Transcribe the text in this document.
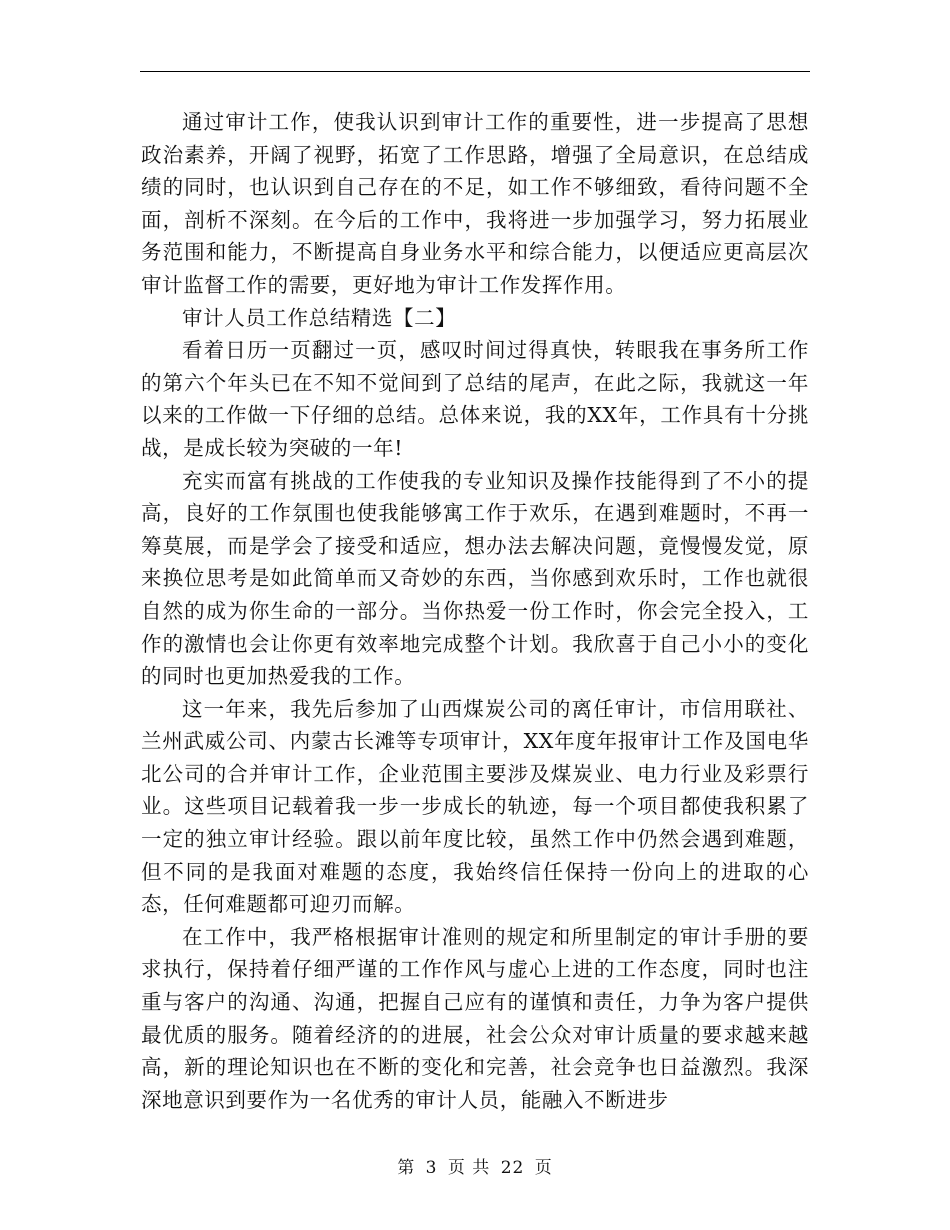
通过审计工作，使我认识到审计工作的重要性，进一步提高了思想政治素养，开阔了视野，拓宽了工作思路，增强了全局意识，在总结成绩的同时，也认识到自己存在的不足，如工作不够细致，看待问题不全面，剖析不深刻。在今后的工作中，我将进一步加强学习，努力拓展业务范围和能力，不断提高自身业务水平和综合能力，以便适应更高层次审计监督工作的需要，更好地为审计工作发挥作用。

审计人员工作总结精选【二】

看着日历一页翻过一页，感叹时间过得真快，转眼我在事务所工作的第六个年头已在不知不觉间到了总结的尾声，在此之际，我就这一年以来的工作做一下仔细的总结。总体来说，我的XX年，工作具有十分挑战，是成长较为突破的一年!

充实而富有挑战的工作使我的专业知识及操作技能得到了不小的提高，良好的工作氛围也使我能够寓工作于欢乐，在遇到难题时，不再一筹莫展，而是学会了接受和适应，想办法去解决问题，竟慢慢发觉，原来换位思考是如此简单而又奇妙的东西，当你感到欢乐时，工作也就很自然的成为你生命的一部分。当你热爱一份工作时，你会完全投入，工作的激情也会让你更有效率地完成整个计划。我欣喜于自己小小的变化的同时也更加热爱我的工作。

这一年来，我先后参加了山西煤炭公司的离任审计，市信用联社、兰州武威公司、内蒙古长滩等专项审计，XX年度年报审计工作及国电华北公司的合并审计工作，企业范围主要涉及煤炭业、电力行业及彩票行业。这些项目记载着我一步一步成长的轨迹，每一个项目都使我积累了一定的独立审计经验。跟以前年度比较，虽然工作中仍然会遇到难题，但不同的是我面对难题的态度，我始终信任保持一份向上的进取的心态，任何难题都可迎刃而解。

在工作中，我严格根据审计准则的规定和所里制定的审计手册的要求执行，保持着仔细严谨的工作作风与虚心上进的工作态度，同时也注重与客户的沟通、沟通，把握自己应有的谨慎和责任，力争为客户提供最优质的服务。随着经济的的进展，社会公众对审计质量的要求越来越高，新的理论知识也在不断的变化和完善，社会竞争也日益激烈。我深深地意识到要作为一名优秀的审计人员，能融入不断进步

第 3 页 共 22 页
